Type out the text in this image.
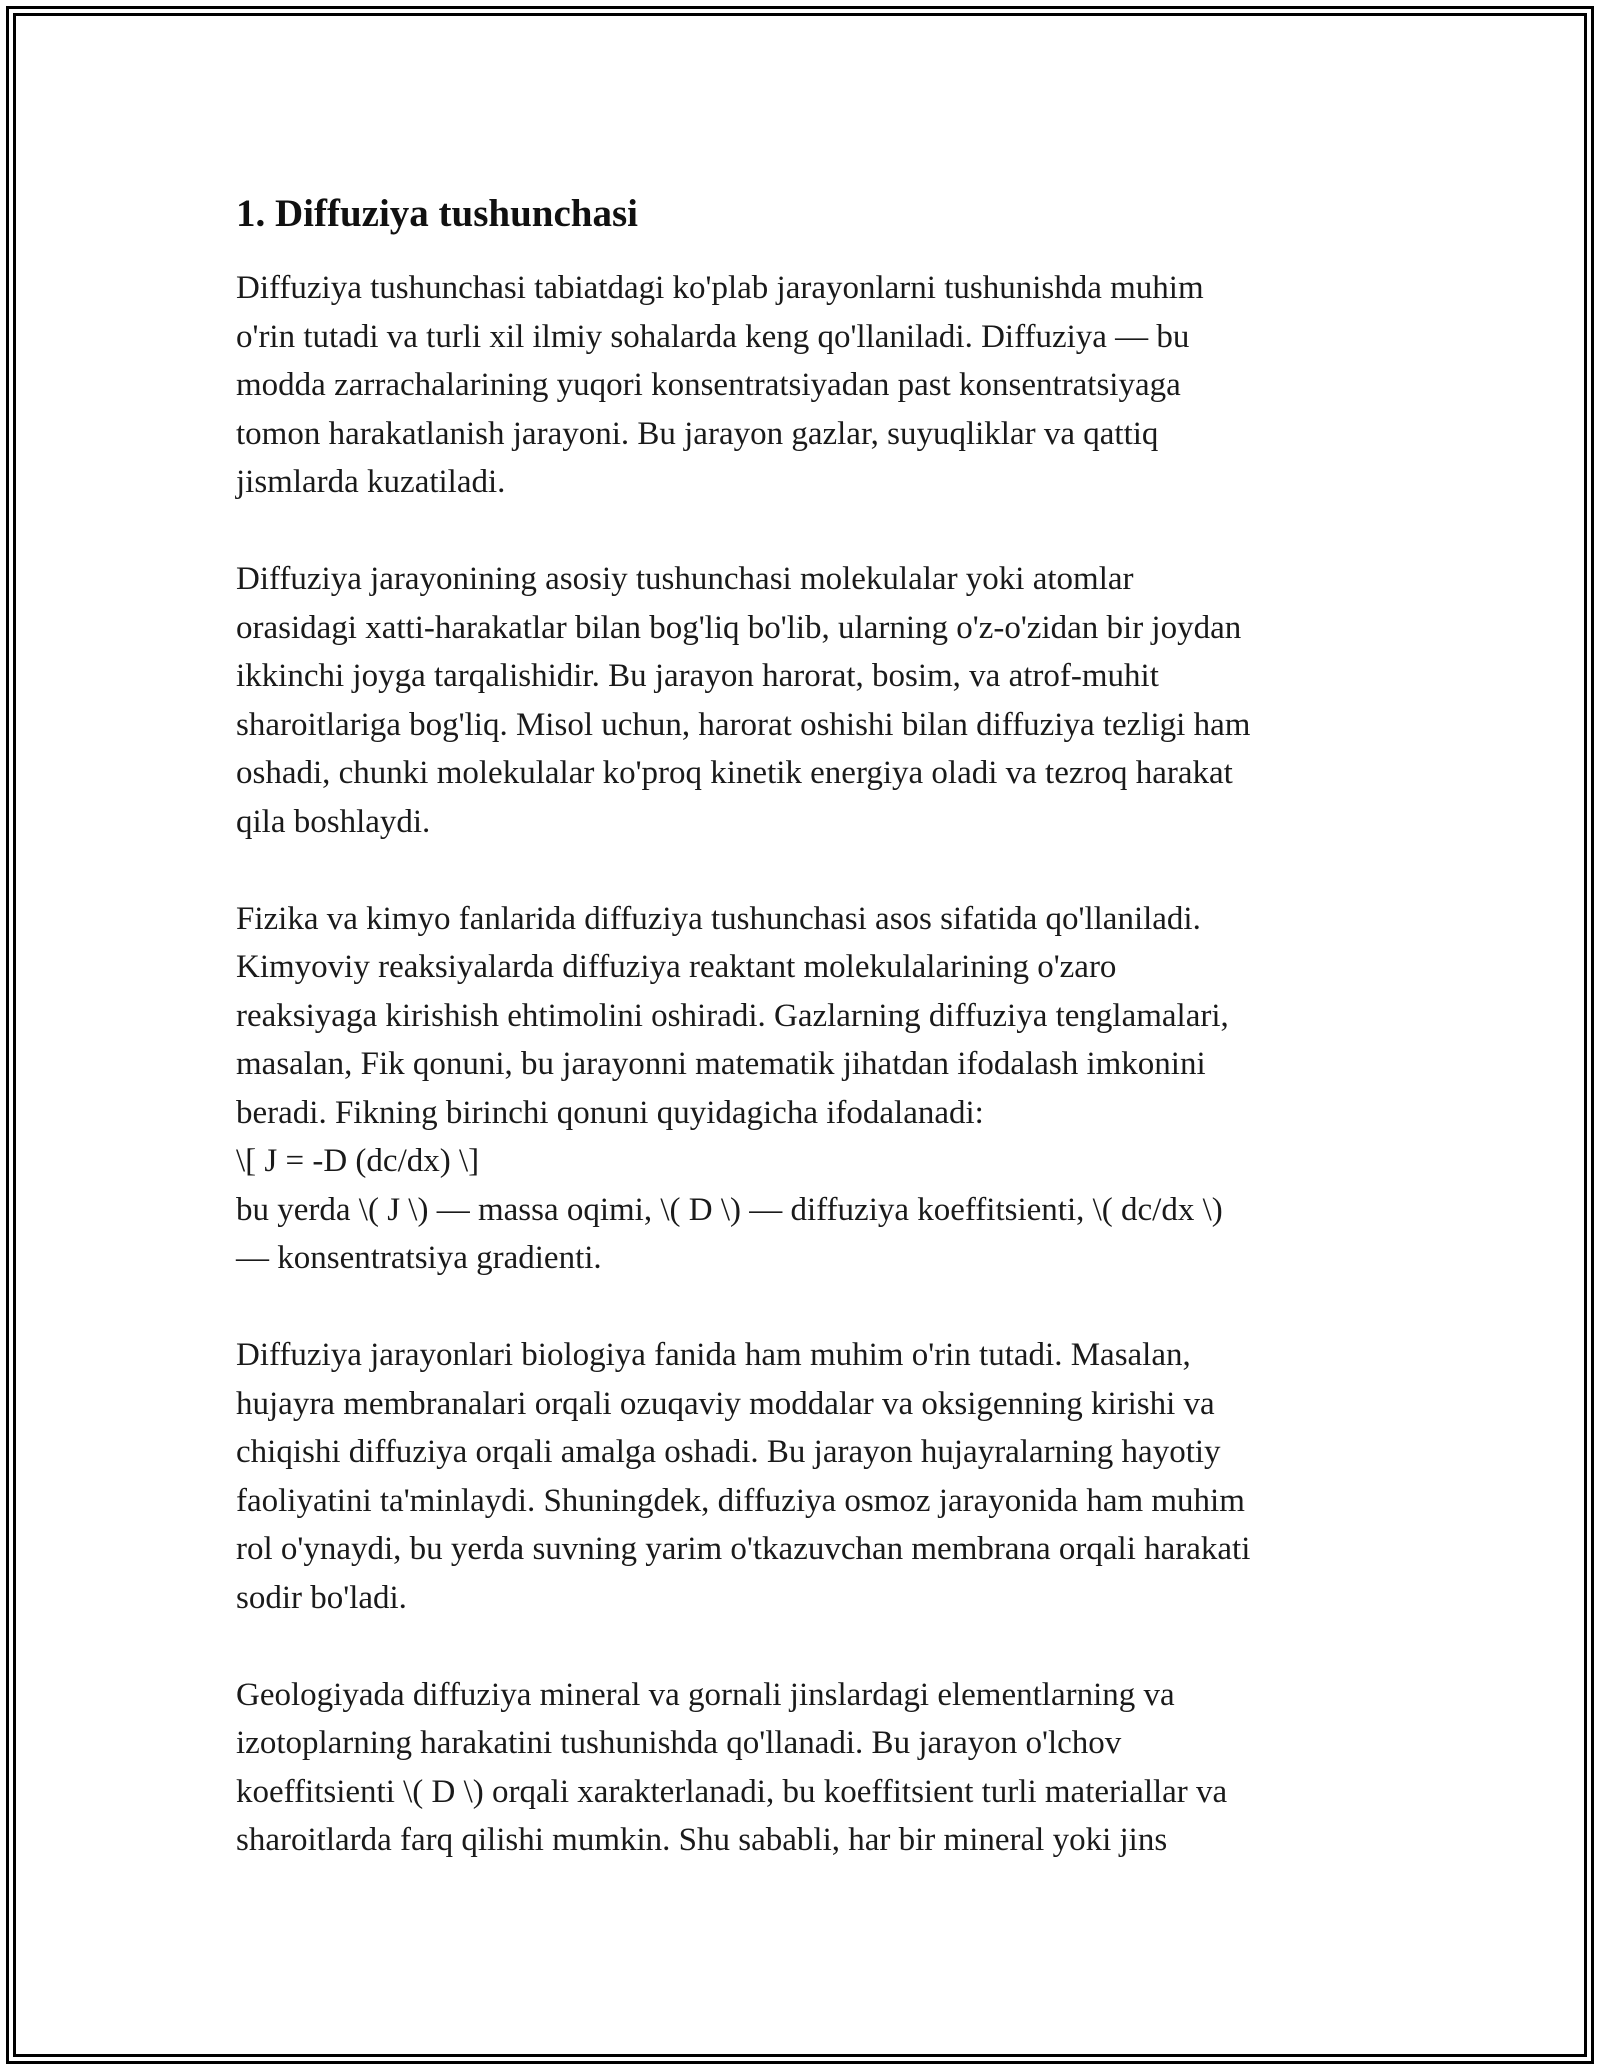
1. Diffuziya tushunchasi

Diffuziya tushunchasi tabiatdagi ko'plab jarayonlarni tushunishda muhim
o'rin tutadi va turli xil ilmiy sohalarda keng qo'llaniladi. Diffuziya — bu
modda zarrachalarining yuqori konsentratsiyadan past konsentratsiyaga
tomon harakatlanish jarayoni. Bu jarayon gazlar, suyuqliklar va qattiq
jismlarda kuzatiladi.

Diffuziya jarayonining asosiy tushunchasi molekulalar yoki atomlar
orasidagi xatti-harakatlar bilan bog'liq bo'lib, ularning o'z-o'zidan bir joydan
ikkinchi joyga tarqalishidir. Bu jarayon harorat, bosim, va atrof-muhit
sharoitlariga bog'liq. Misol uchun, harorat oshishi bilan diffuziya tezligi ham
oshadi, chunki molekulalar ko'proq kinetik energiya oladi va tezroq harakat
qila boshlaydi.

Fizika va kimyo fanlarida diffuziya tushunchasi asos sifatida qo'llaniladi.
Kimyoviy reaksiyalarda diffuziya reaktant molekulalarining o'zaro
reaksiyaga kirishish ehtimolini oshiradi. Gazlarning diffuziya tenglamalari,
masalan, Fik qonuni, bu jarayonni matematik jihatdan ifodalash imkonini
beradi. Fikning birinchi qonuni quyidagicha ifodalanadi:
\[ J = -D (dc/dx) \]
bu yerda \( J \) — massa oqimi, \( D \) — diffuziya koeffitsienti, \( dc/dx \)
— konsentratsiya gradienti.

Diffuziya jarayonlari biologiya fanida ham muhim o'rin tutadi. Masalan,
hujayra membranalari orqali ozuqaviy moddalar va oksigenning kirishi va
chiqishi diffuziya orqali amalga oshadi. Bu jarayon hujayralarning hayotiy
faoliyatini ta'minlaydi. Shuningdek, diffuziya osmoz jarayonida ham muhim
rol o'ynaydi, bu yerda suvning yarim o'tkazuvchan membrana orqali harakati
sodir bo'ladi.

Geologiyada diffuziya mineral va gornali jinslardagi elementlarning va
izotoplarning harakatini tushunishda qo'llanadi. Bu jarayon o'lchov
koeffitsienti \( D \) orqali xarakterlanadi, bu koeffitsient turli materiallar va
sharoitlarda farq qilishi mumkin. Shu sababli, har bir mineral yoki jins
